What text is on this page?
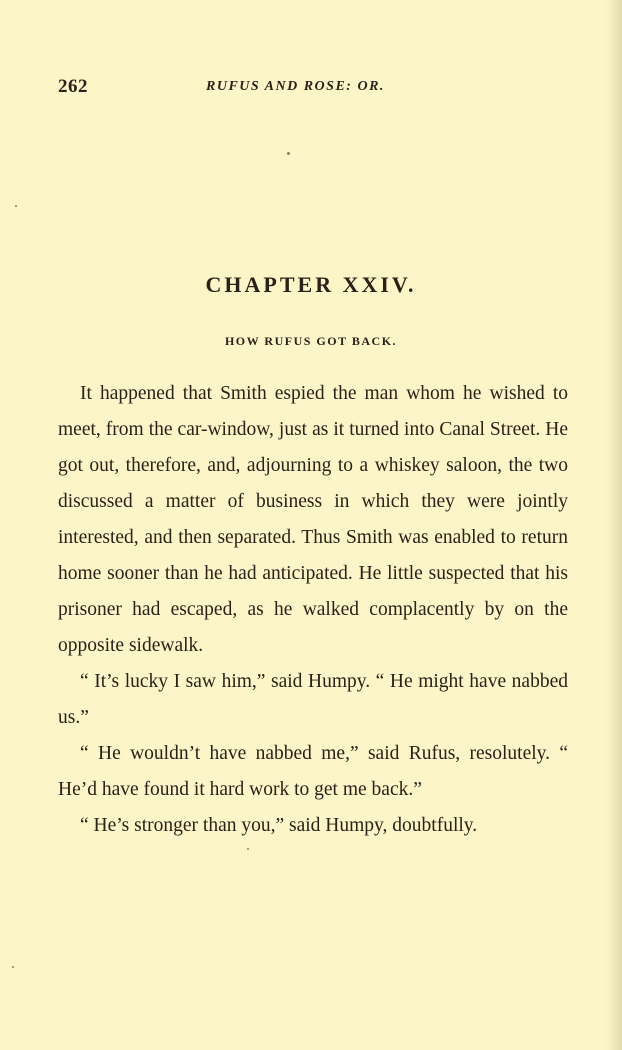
262	RUFUS AND ROSE: OR.
CHAPTER XXIV.
HOW RUFUS GOT BACK.

It happened that Smith espied the man whom he wished to meet, from the car-window, just as it turned into Canal Street. He got out, therefore, and, adjourning to a whiskey saloon, the two discussed a matter of business in which they were jointly interested, and then separated. Thus Smith was enabled to return home sooner than he had anticipated. He little suspected that his prisoner had escaped, as he walked complacently by on the opposite sidewalk.

“ It’s lucky I saw him,” said Humpy. “ He might have nabbed us.”

“ He wouldn’t have nabbed me,” said Rufus, resolutely. “ He’d have found it hard work to get me back.”

“ He’s stronger than you,” said Humpy, doubtfully.
